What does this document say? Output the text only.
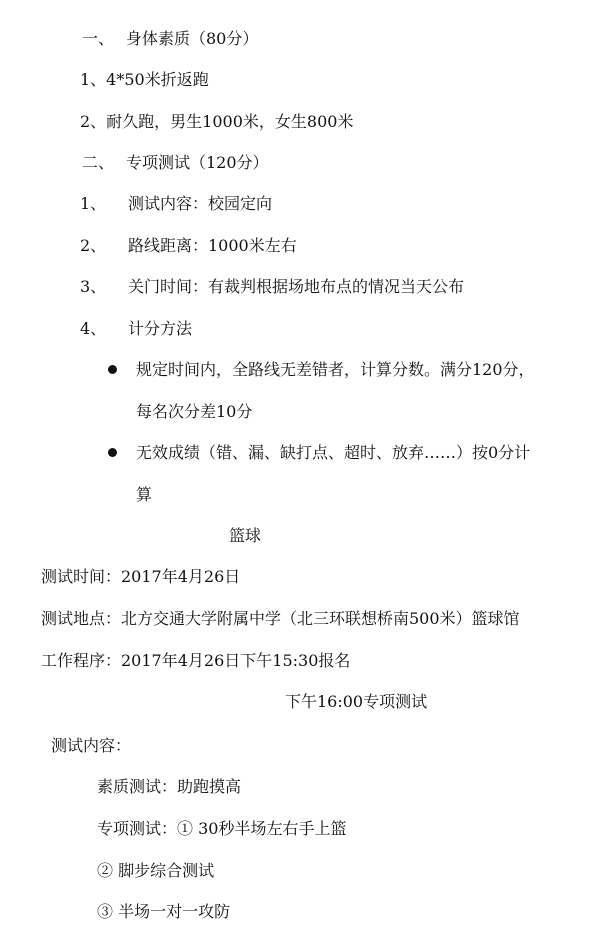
一、 身体素质（80分）
1、4*50米折返跑
2、耐久跑，男生1000米，女生800米
二、 专项测试（120分）
1、 测试内容：校园定向
2、 路线距离：1000米左右
3、 关门时间：有裁判根据场地布点的情况当天公布
4、 计分方法
规定时间内，全路线无差错者，计算分数。满分120分，
每名次分差10分
无效成绩（错、漏、缺打点、超时、放弃……）按0分计
算
篮球
测试时间：2017年4月26日
测试地点：北方交通大学附属中学（北三环联想桥南500米）篮球馆
工作程序：2017年4月26日下午15:30报名
下午16:00专项测试
测试内容：
素质测试：助跑摸高
专项测试：① 30秒半场左右手上篮
② 脚步综合测试
③ 半场一对一攻防
